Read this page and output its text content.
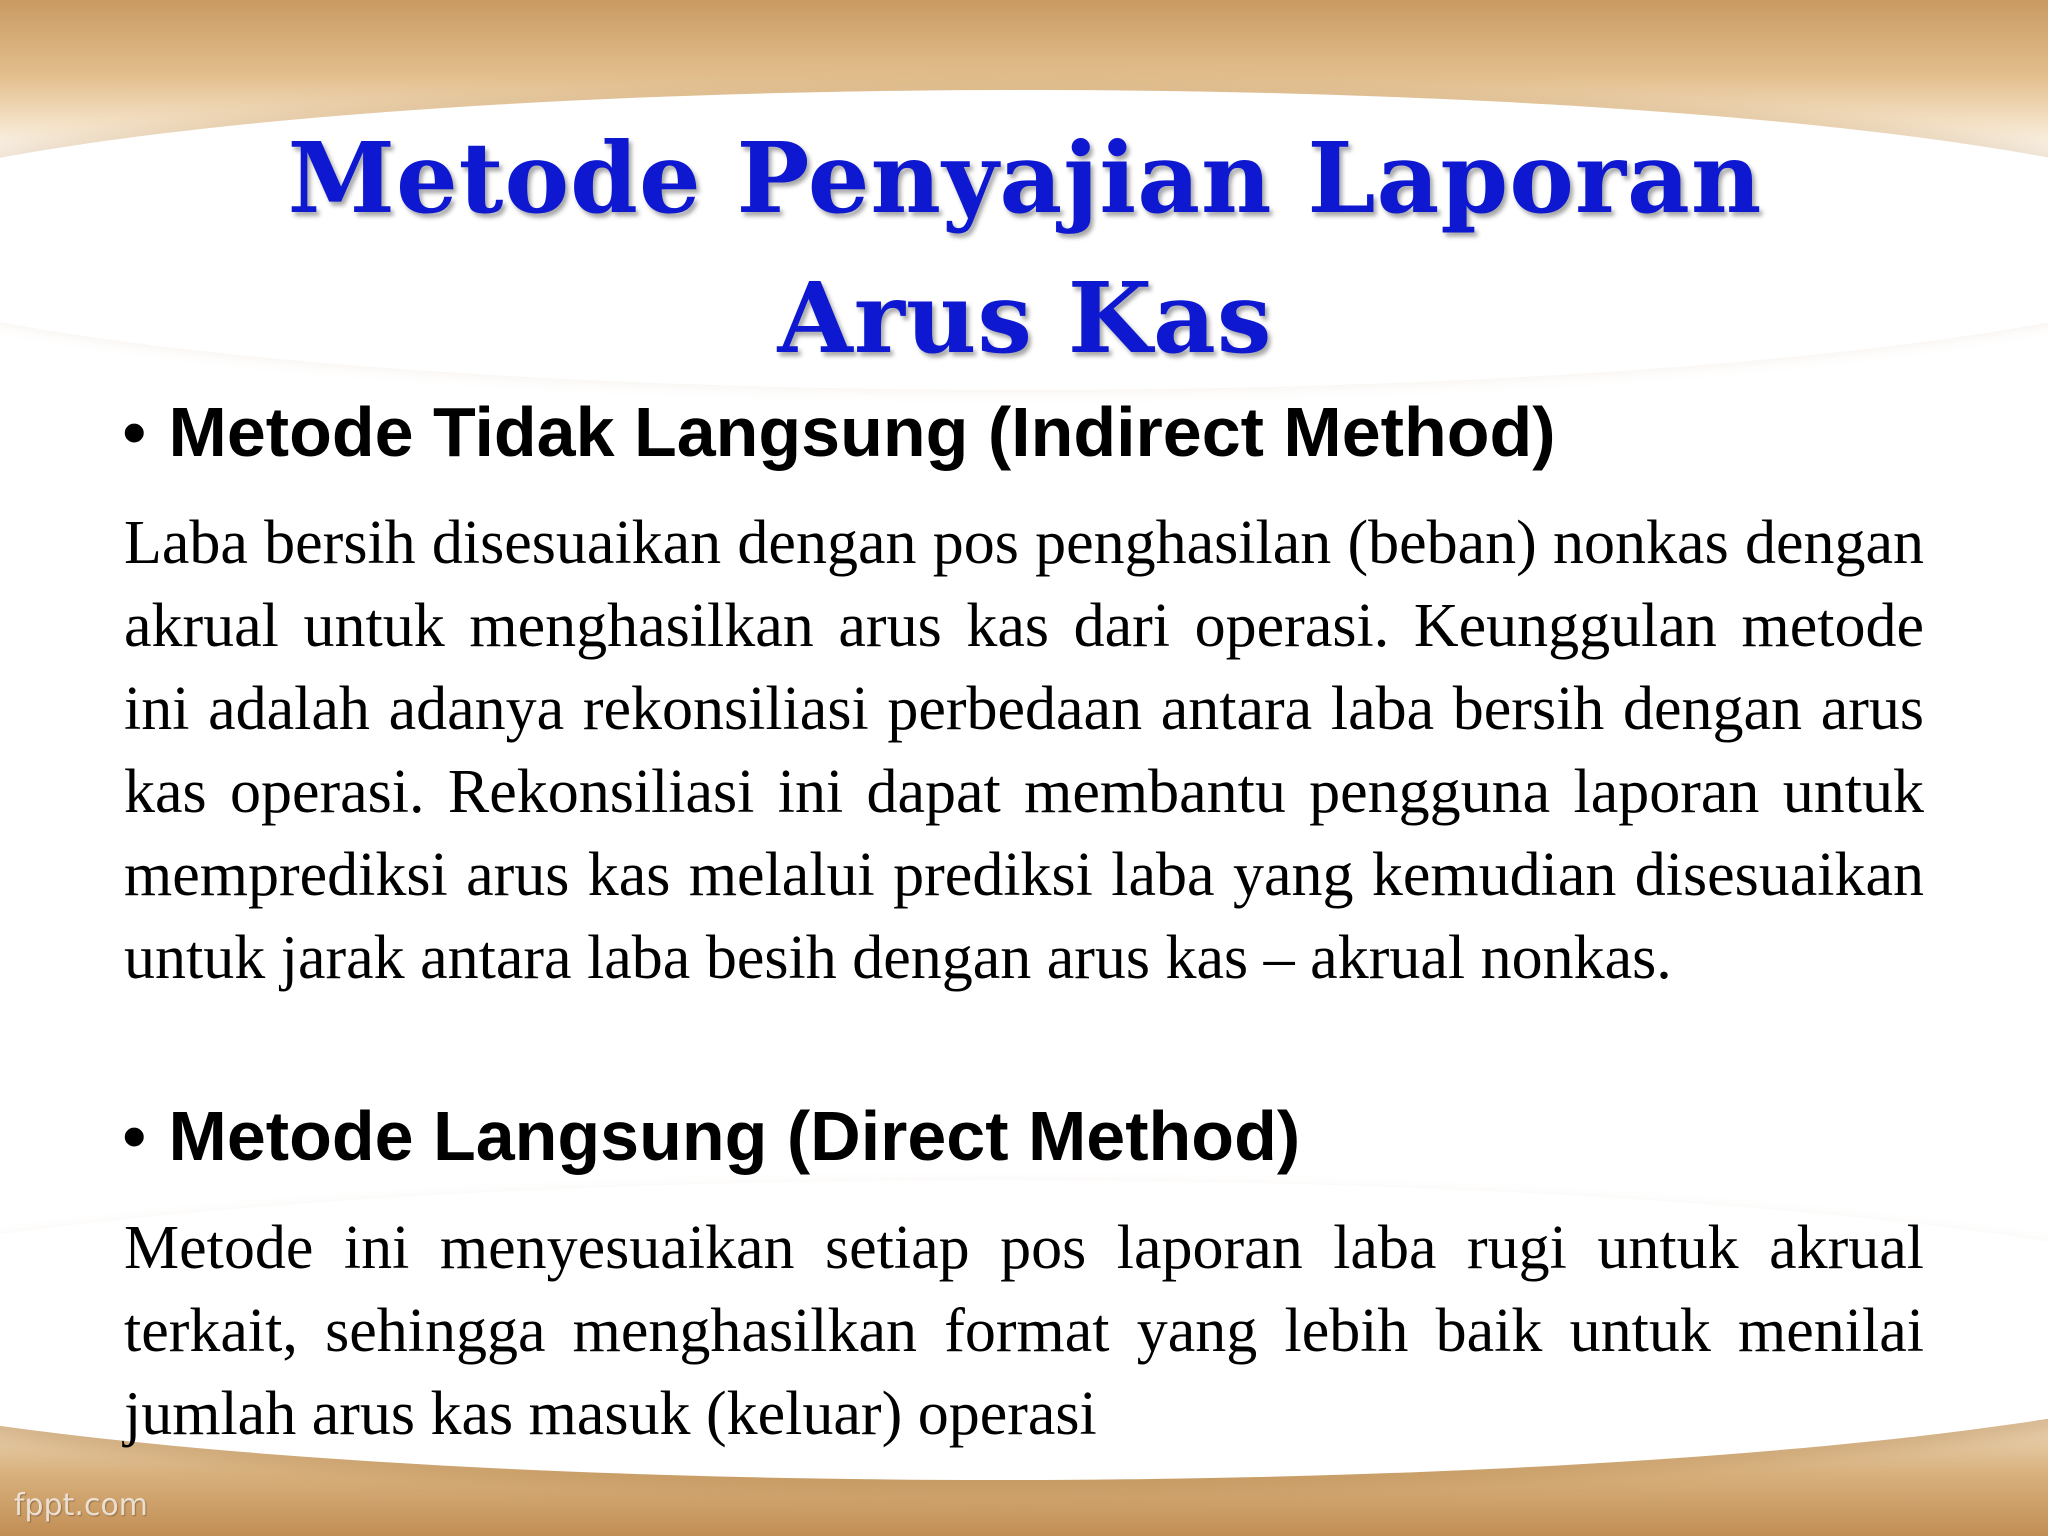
Metode Penyajian Laporan Arus Kas
• Metode Tidak Langsung (Indirect Method)
Laba bersih disesuaikan dengan pos penghasilan (beban) nonkas dengan akrual untuk menghasilkan arus kas dari operasi. Keunggulan metode ini adalah adanya rekonsiliasi perbedaan antara laba bersih dengan arus kas operasi. Rekonsiliasi ini dapat membantu pengguna laporan untuk memprediksi arus kas melalui prediksi laba yang kemudian disesuaikan untuk jarak antara laba besih dengan arus kas – akrual nonkas.
• Metode Langsung (Direct Method)
Metode ini menyesuaikan setiap pos laporan laba rugi untuk akrual terkait, sehingga menghasilkan format yang lebih baik untuk menilai jumlah arus kas masuk (keluar) operasi
fppt.com
